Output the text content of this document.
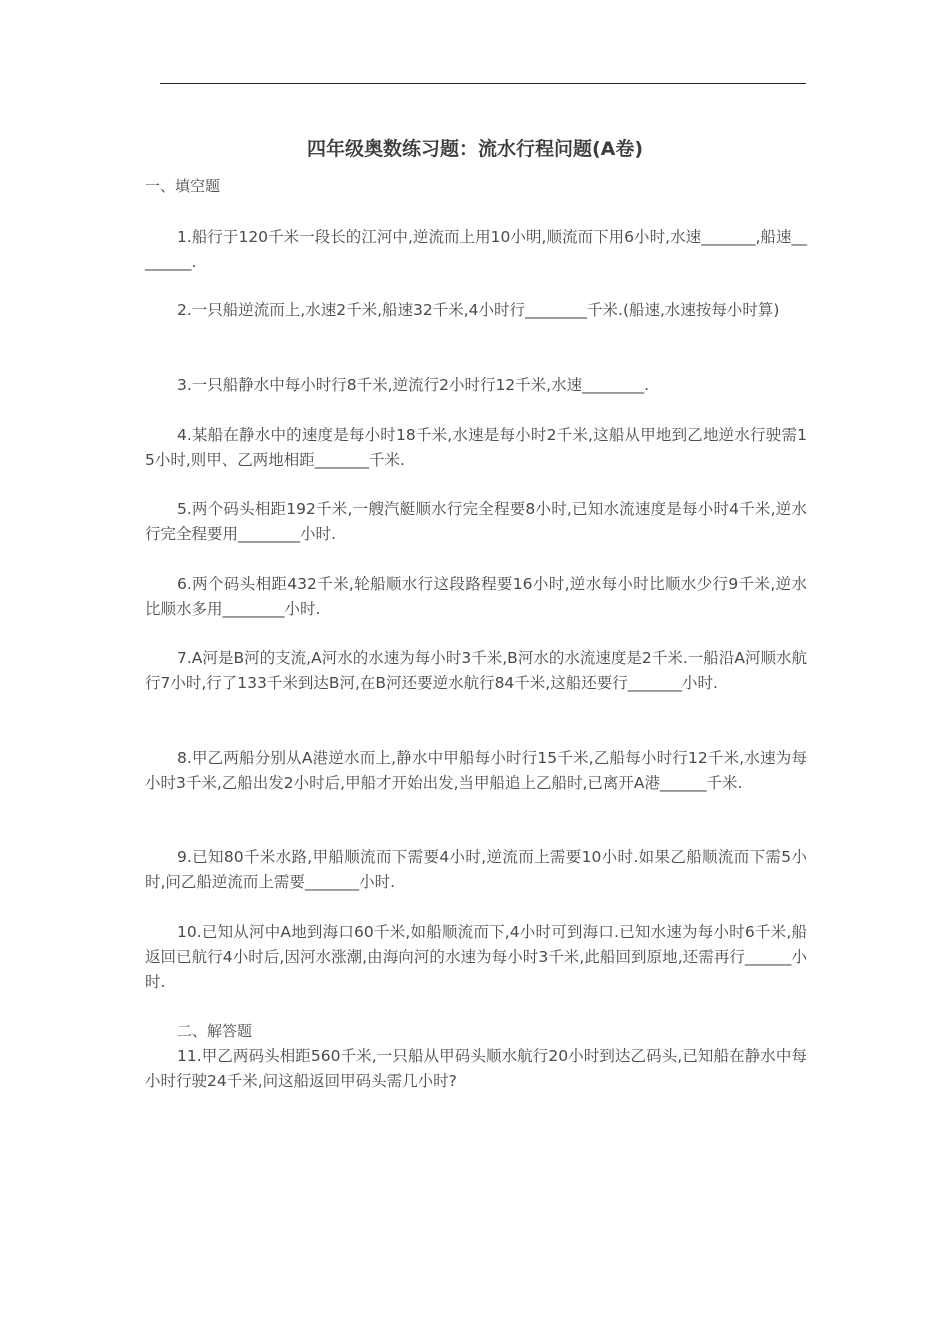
四年级奥数练习题：流水行程问题(A卷)

一、填空题

1.船行于120千米一段长的江河中,逆流而上用10小明,顺流而下用6小时,水速_______,船速________.

2.一只船逆流而上,水速2千米,船速32千米,4小时行________千米.(船速,水速按每小时算)

3.一只船静水中每小时行8千米,逆流行2小时行12千米,水速________.

4.某船在静水中的速度是每小时18千米,水速是每小时2千米,这船从甲地到乙地逆水行驶需15小时,则甲、乙两地相距_______千米.

5.两个码头相距192千米,一艘汽艇顺水行完全程要8小时,已知水流速度是每小时4千米,逆水行完全程要用________小时.

6.两个码头相距432千米,轮船顺水行这段路程要16小时,逆水每小时比顺水少行9千米,逆水比顺水多用________小时.

7.A河是B河的支流,A河水的水速为每小时3千米,B河水的水流速度是2千米.一船沿A河顺水航行7小时,行了133千米到达B河,在B河还要逆水航行84千米,这船还要行_______小时.

8.甲乙两船分别从A港逆水而上,静水中甲船每小时行15千米,乙船每小时行12千米,水速为每小时3千米,乙船出发2小时后,甲船才开始出发,当甲船追上乙船时,已离开A港______千米.

9.已知80千米水路,甲船顺流而下需要4小时,逆流而上需要10小时.如果乙船顺流而下需5小时,问乙船逆流而上需要_______小时.

10.已知从河中A地到海口60千米,如船顺流而下,4小时可到海口.已知水速为每小时6千米,船返回已航行4小时后,因河水涨潮,由海向河的水速为每小时3千米,此船回到原地,还需再行______小时.

二、解答题

11.甲乙两码头相距560千米,一只船从甲码头顺水航行20小时到达乙码头,已知船在静水中每小时行驶24千米,问这船返回甲码头需几小时?
